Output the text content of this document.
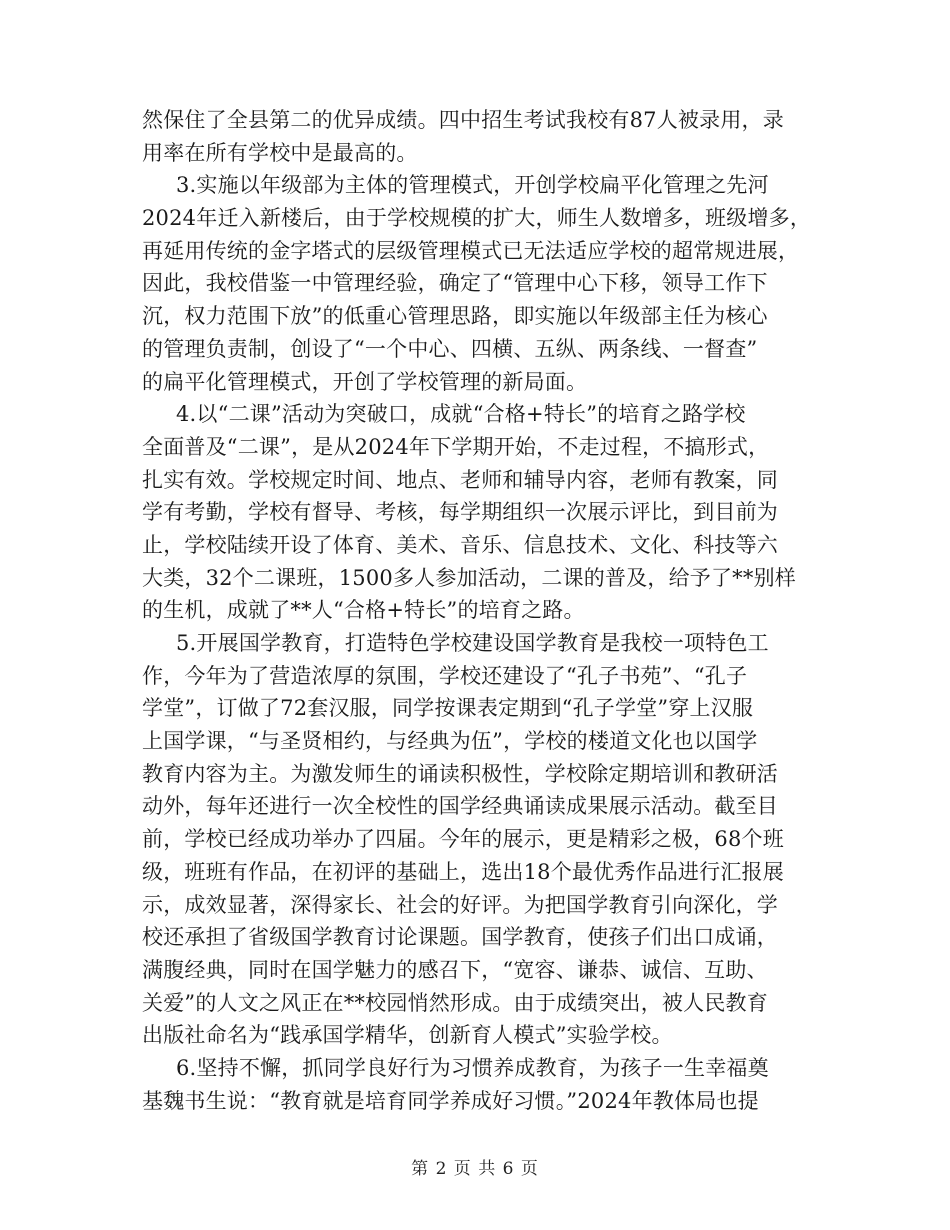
然保住了全县第二的优异成绩。四中招生考试我校有87人被录用，录
用率在所有学校中是最高的。
3.实施以年级部为主体的管理模式，开创学校扁平化管理之先河
2024年迁入新楼后，由于学校规模的扩大，师生人数增多，班级增多，
再延用传统的金字塔式的层级管理模式已无法适应学校的超常规进展，
因此，我校借鉴一中管理经验，确定了“管理中心下移，领导工作下
沉，权力范围下放”的低重心管理思路，即实施以年级部主任为核心
的管理负责制，创设了“一个中心、四横、五纵、两条线、一督查”
的扁平化管理模式，开创了学校管理的新局面。
4.以“二课”活动为突破口，成就“合格+特长”的培育之路学校
全面普及“二课”，是从2024年下学期开始，不走过程，不搞形式，
扎实有效。学校规定时间、地点、老师和辅导内容，老师有教案，同
学有考勤，学校有督导、考核，每学期组织一次展示评比，到目前为
止，学校陆续开设了体育、美术、音乐、信息技术、文化、科技等六
大类，32个二课班，1500多人参加活动，二课的普及，给予了**别样
的生机，成就了**人“合格+特长”的培育之路。
5.开展国学教育，打造特色学校建设国学教育是我校一项特色工
作，今年为了营造浓厚的氛围，学校还建设了“孔子书苑”、“孔子
学堂”，订做了72套汉服，同学按课表定期到“孔子学堂”穿上汉服
上国学课，“与圣贤相约，与经典为伍”，学校的楼道文化也以国学
教育内容为主。为激发师生的诵读积极性，学校除定期培训和教研活
动外，每年还进行一次全校性的国学经典诵读成果展示活动。截至目
前，学校已经成功举办了四届。今年的展示，更是精彩之极，68个班
级，班班有作品，在初评的基础上，选出18个最优秀作品进行汇报展
示，成效显著，深得家长、社会的好评。为把国学教育引向深化，学
校还承担了省级国学教育讨论课题。国学教育，使孩子们出口成诵，
满腹经典，同时在国学魅力的感召下，“宽容、谦恭、诚信、互助、
关爱”的人文之风正在**校园悄然形成。由于成绩突出，被人民教育
出版社命名为“践承国学精华，创新育人模式”实验学校。
6.坚持不懈，抓同学良好行为习惯养成教育，为孩子一生幸福奠
基魏书生说：“教育就是培育同学养成好习惯。”2024年教体局也提
第 2 页 共 6 页
